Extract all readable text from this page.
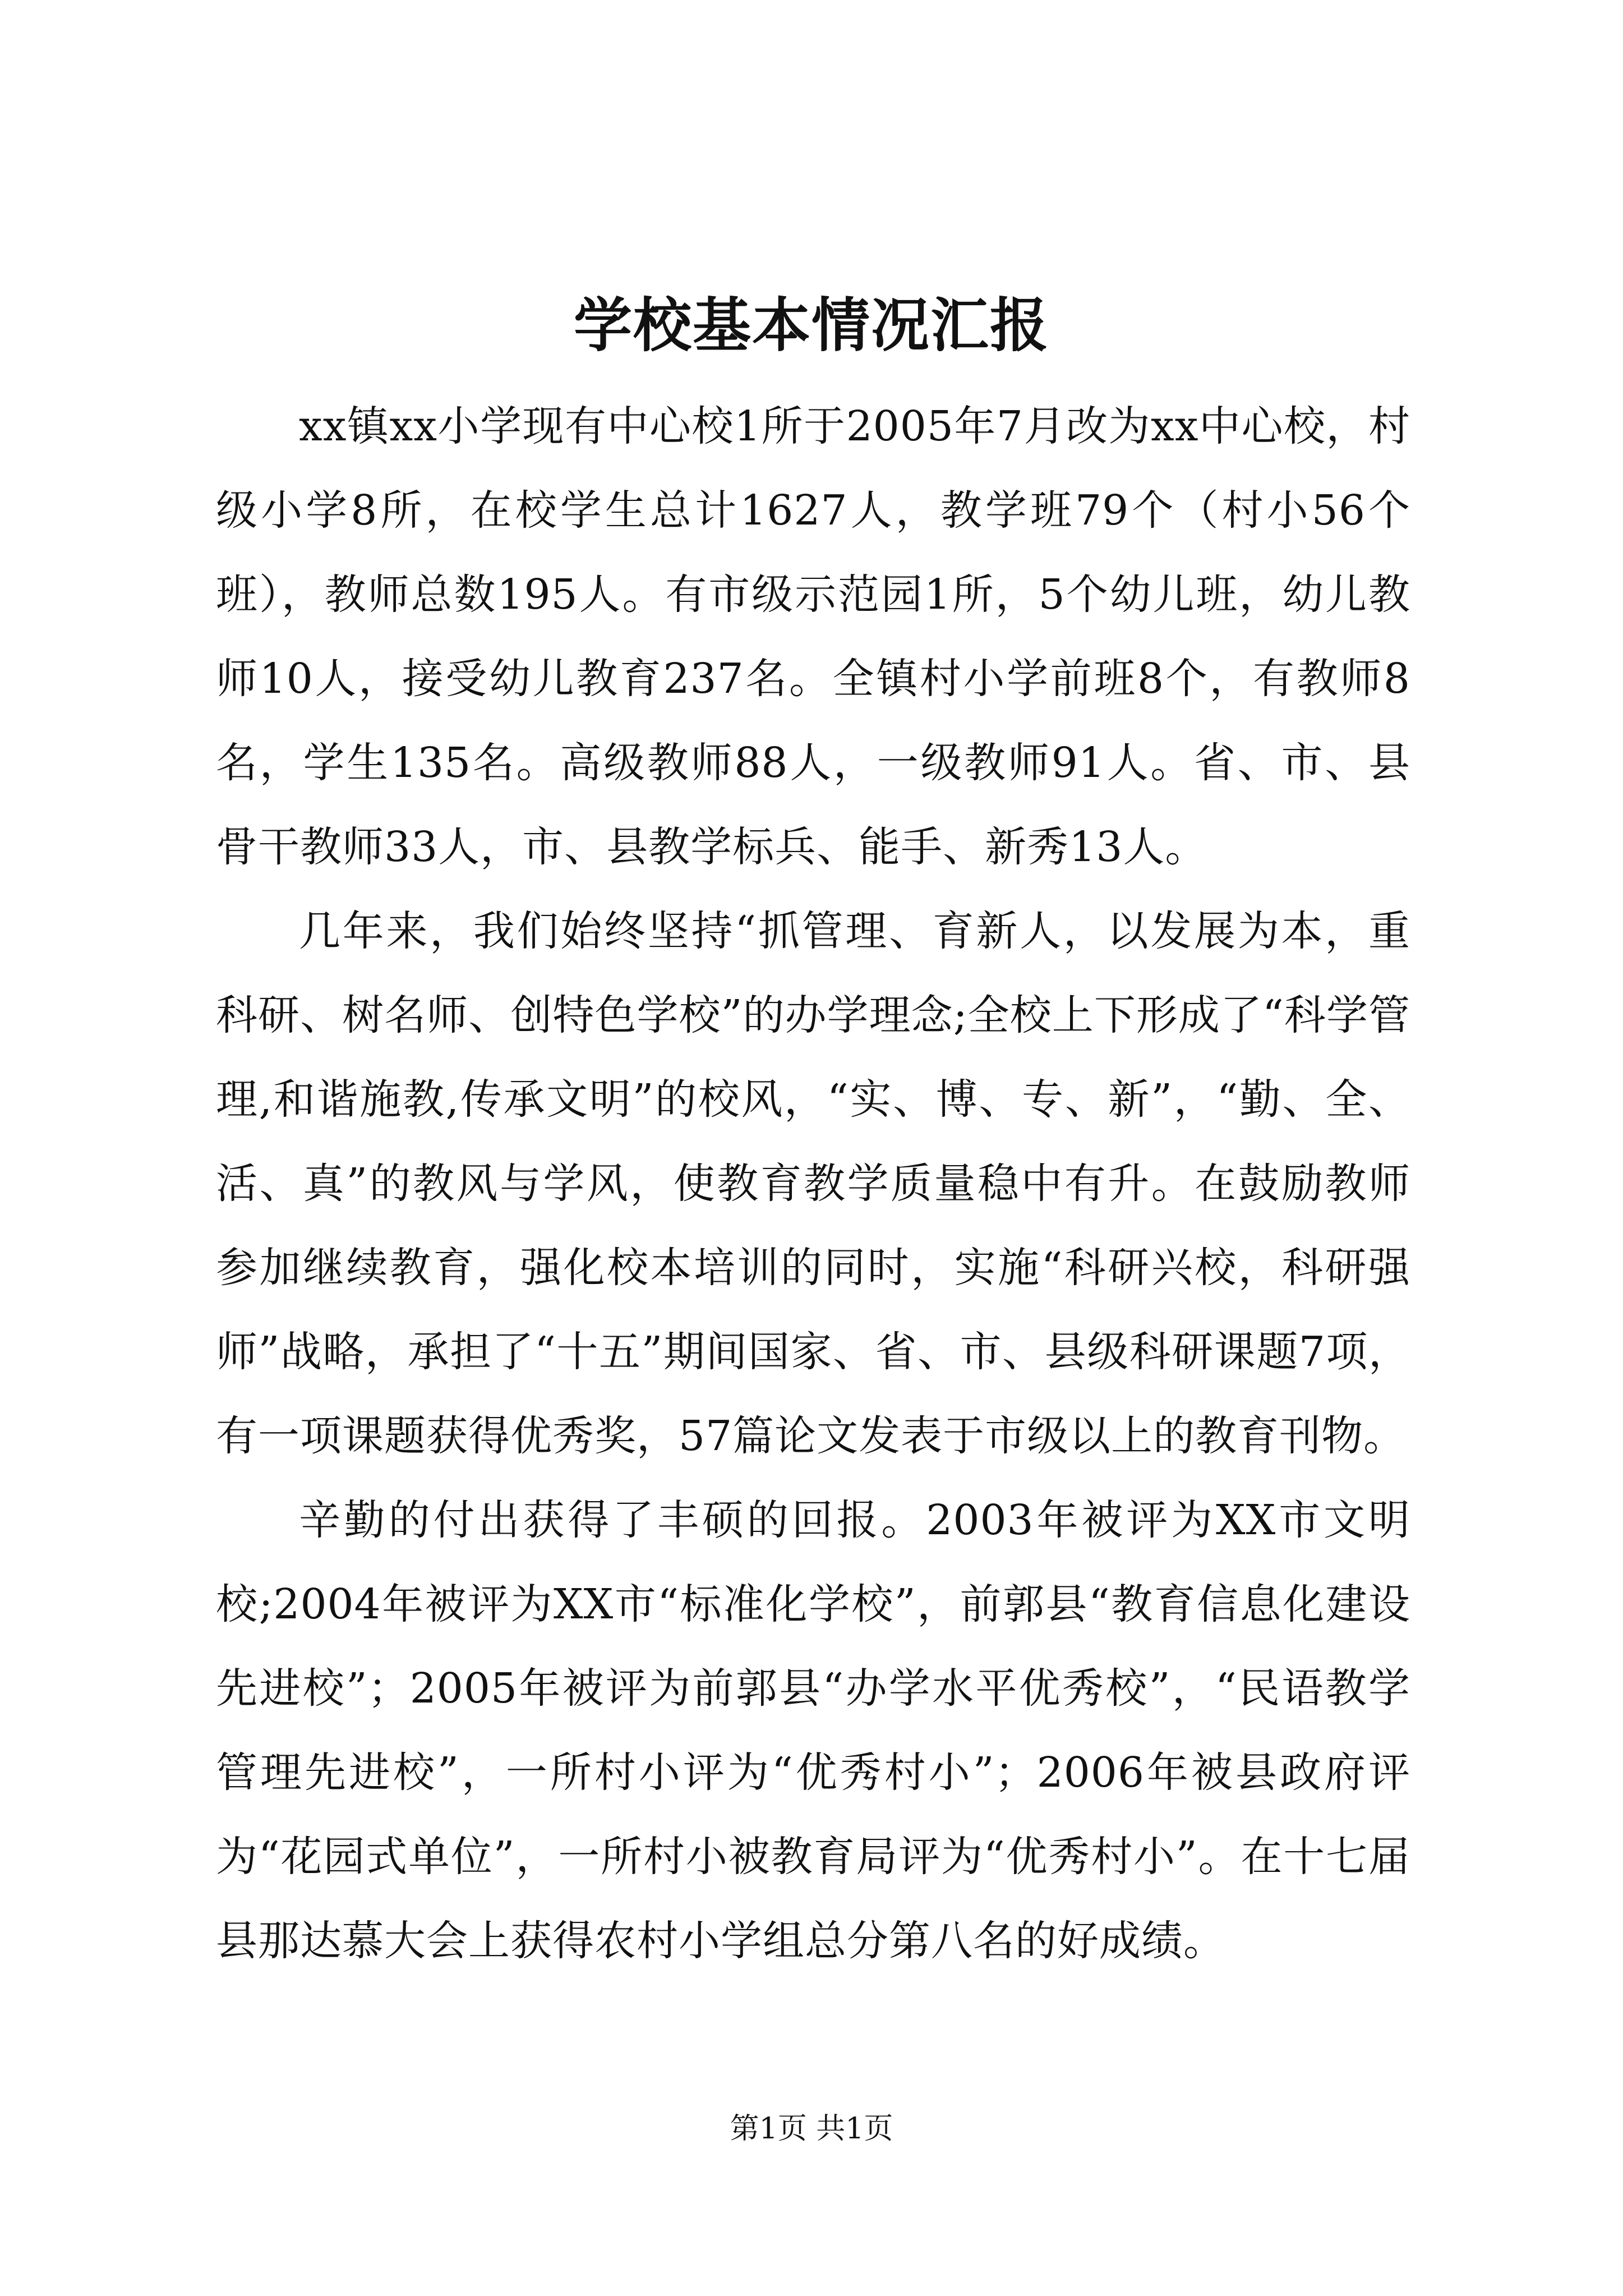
学校基本情况汇报

xx镇xx小学现有中心校1所于2005年7月改为xx中心校，村级小学8所，在校学生总计1627人，教学班79个（村小56个班），教师总数195人。有市级示范园1所，5个幼儿班，幼儿教师10人，接受幼儿教育237名。全镇村小学前班8个，有教师8名，学生135名。高级教师88人，一级教师91人。省、市、县骨干教师33人，市、县教学标兵、能手、新秀13人。

几年来，我们始终坚持“抓管理、育新人，以发展为本，重科研、树名师、创特色学校”的办学理念;全校上下形成了“科学管理,和谐施教,传承文明”的校风，“实、博、专、新”，“勤、全、活、真”的教风与学风，使教育教学质量稳中有升。在鼓励教师参加继续教育，强化校本培训的同时，实施“科研兴校，科研强师”战略，承担了“十五”期间国家、省、市、县级科研课题7项，有一项课题获得优秀奖，57篇论文发表于市级以上的教育刊物。

辛勤的付出获得了丰硕的回报。2003年被评为XX市文明校;2004年被评为XX市“标准化学校”，前郭县“教育信息化建设先进校”；2005年被评为前郭县“办学水平优秀校”，“民语教学管理先进校”，一所村小评为“优秀村小”；2006年被县政府评为“花园式单位”，一所村小被教育局评为“优秀村小”。在十七届县那达慕大会上获得农村小学组总分第八名的好成绩。

第1页 共1页
